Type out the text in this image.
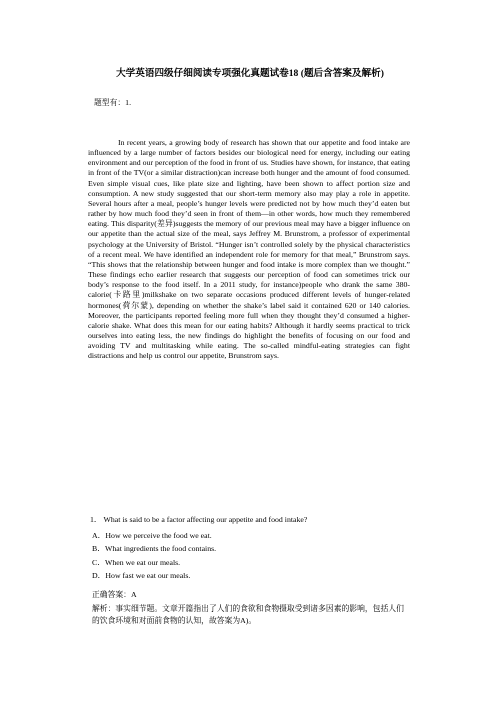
大学英语四级仔细阅读专项强化真题试卷18 (题后含答案及解析)
题型有：1.

In recent years, a growing body of research has shown that our appetite and food intake are influenced by a large number of factors besides our biological need for energy, including our eating environment and our perception of the food in front of us. Studies have shown, for instance, that eating in front of the TV(or a similar distraction)can increase both hunger and the amount of food consumed. Even simple visual cues, like plate size and lighting, have been shown to affect portion size and consumption. A new study suggested that our short-term memory also may play a role in appetite. Several hours after a meal, people’s hunger levels were predicted not by how much they’d eaten but rather by how much food they’d seen in front of them—in other words, how much they remembered eating. This disparity(差异)suggests the memory of our previous meal may have a bigger influence on our appetite than the actual size of the meal, says Jeffrey M. Brunstrom, a professor of experimental psychology at the University of Bristol. “Hunger isn’t controlled solely by the physical characteristics of a recent meal. We have identified an independent role for memory for that meal,” Brunstrom says. “This shows that the relationship between hunger and food intake is more complex than we thought.” These findings echo earlier research that suggests our perception of food can sometimes trick our body’s response to the food itself. In a 2011 study, for instance)people who drank the same 380-calorie(卡路里)milkshake on two separate occasions produced different levels of hunger-related hormones(荷尔蒙), depending on whether the shake’s label said it contained 620 or 140 calories. Moreover, the participants reported feeling more full when they thought they’d consumed a higher-calorie shake. What does this mean for our eating habits? Although it hardly seems practical to trick ourselves into eating less, the new findings do highlight the benefits of focusing on our food and avoiding TV and multitasking while eating. The so-called mindful-eating strategies can fight distractions and help us control our appetite, Brunstrom says.

1． What is said to be a factor affecting our appetite and food intake?
A．How we perceive the food we eat.
B．What ingredients the food contains.
C．When we eat our meals.
D．How fast we eat our meals.
正确答案：A

解析：事实细节题。文章开篇指出了人们的食欲和食物摄取受到诸多因素的影响，包括人们的饮食环境和对面前食物的认知，故答案为A)。
